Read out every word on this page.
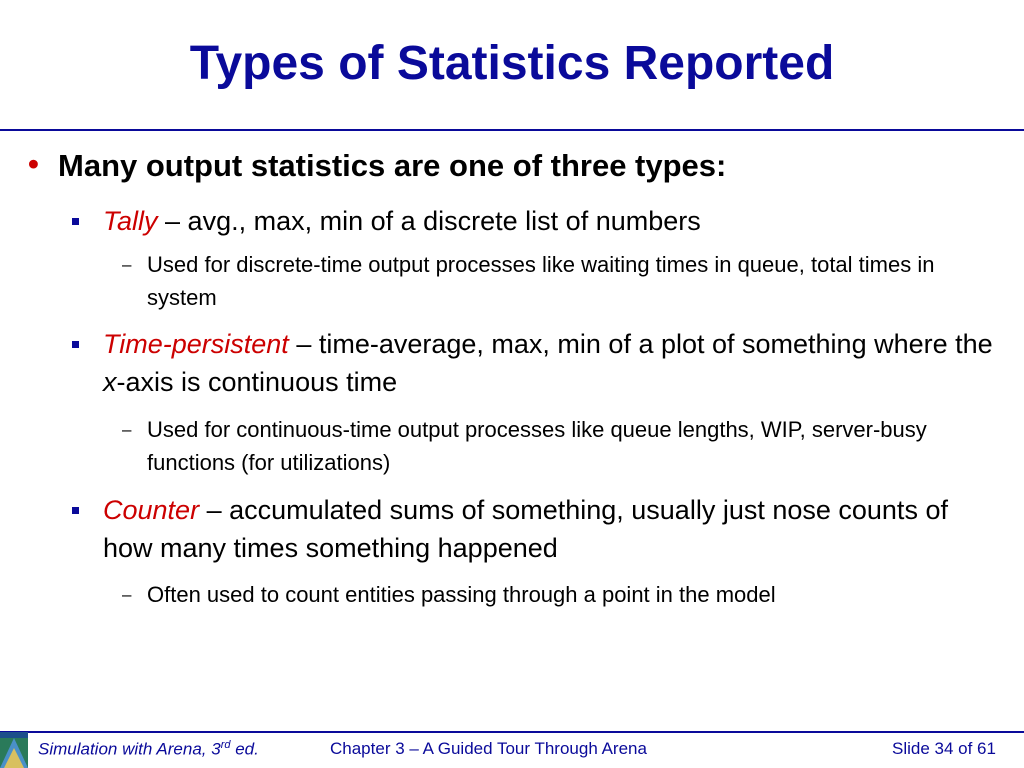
Types of Statistics Reported
• Many output statistics are one of three types:
Tally – avg., max, min of a discrete list of numbers
– Used for discrete-time output processes like waiting times in queue, total times in system
Time-persistent – time-average, max, min of a plot of something where the x-axis is continuous time
– Used for continuous-time output processes like queue lengths, WIP, server-busy functions (for utilizations)
Counter – accumulated sums of something, usually just nose counts of how many times something happened
– Often used to count entities passing through a point in the model
Simulation with Arena, 3rd ed.	Chapter 3 – A Guided Tour Through Arena	Slide 34 of 61
